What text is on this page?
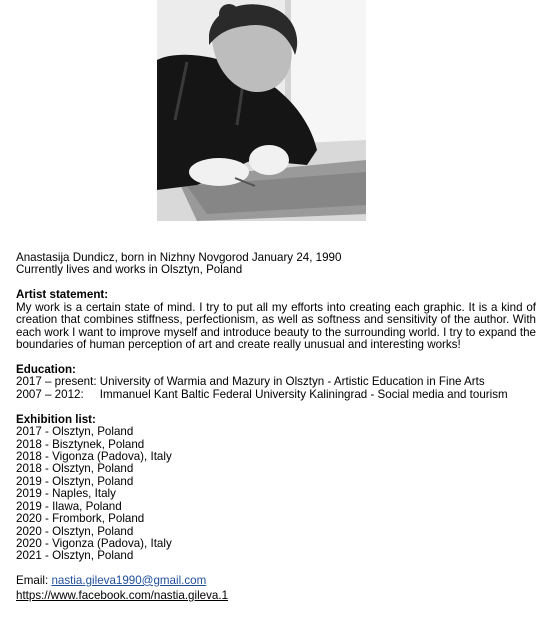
Anastasija Dundicz, born in Nizhny Novgorod January 24, 1990
Currently lives and works in Olsztyn, Poland
Artist statement:

My work is a certain state of mind. I try to put all my efforts into creating each graphic. It is a kind of creation that combines stiffness, perfectionism, as well as softness and sensitivity of the author. With each work I want to improve myself and introduce beauty to the surrounding world. I try to expand the boundaries of human perception of art and create really unusual and interesting works!

Education:
2017 – present: University of Warmia and Mazury in Olsztyn - Artistic Education in Fine Arts
2007 – 2012:     Immanuel Kant Baltic Federal University Kaliningrad - Social media and tourism
Exhibition list:
2017 - Olsztyn, Poland
2018 - Bisztynek, Poland
2018 - Vigonza (Padova), Italy
2018 - Olsztyn, Poland
2019 - Olsztyn, Poland
2019 - Naples, Italy
2019 - Ilawa, Poland
2020 - Frombork, Poland
2020 - Olsztyn, Poland
2020 - Vigonza (Padova), Italy
2021 - Olsztyn, Poland
Email: nastia.gileva1990@gmail.com
https://www.facebook.com/nastia.gileva.1
